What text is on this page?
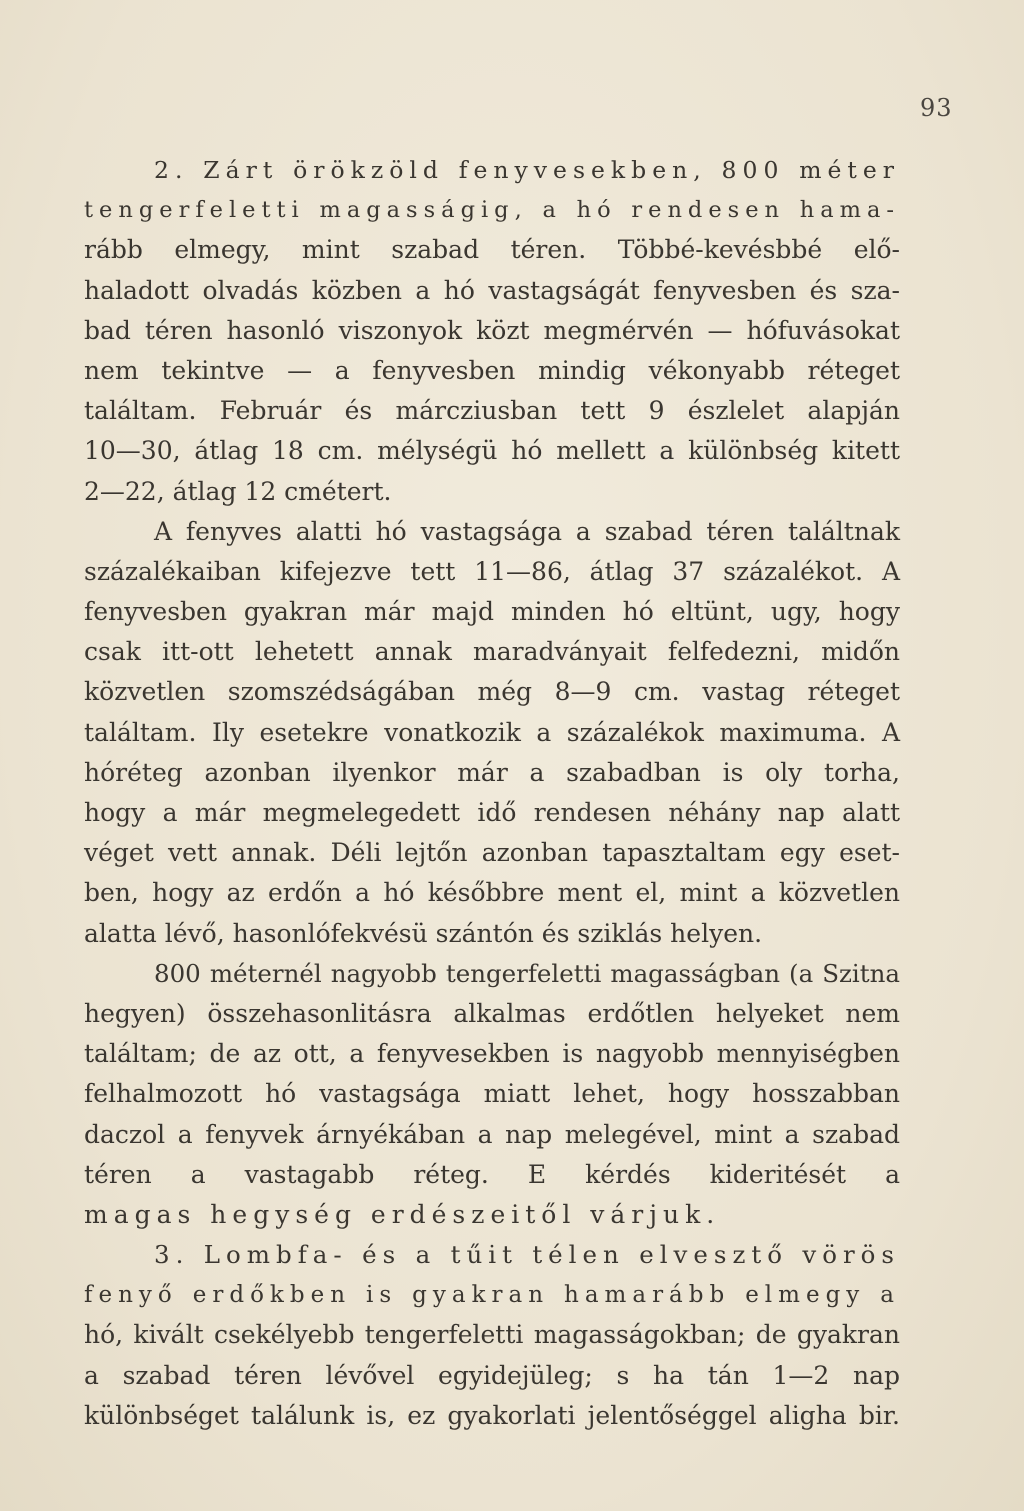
93
2. Zárt örökzöld fenyvesekben, 800 méter
tengerfeletti magasságig, a hó rendesen hama-
rább elmegy, mint szabad téren. Többé-kevésbbé elő-
haladott olvadás közben a hó vastagságát fenyvesben és sza-
bad téren hasonló viszonyok közt megmérvén — hófuvásokat
nem tekintve — a fenyvesben mindig vékonyabb réteget
találtam. Február és márcziusban tett 9 észlelet alapján
10—30, átlag 18 cm. mélységü hó mellett a különbség kitett
2—22, átlag 12 cmétert.
A fenyves alatti hó vastagsága a szabad téren találtnak
százalékaiban kifejezve tett 11—86, átlag 37 százalékot. A
fenyvesben gyakran már majd minden hó eltünt, ugy, hogy
csak itt-ott lehetett annak maradványait felfedezni, midőn
közvetlen szomszédságában még 8—9 cm. vastag réteget
találtam. Ily esetekre vonatkozik a százalékok maximuma. A
hóréteg azonban ilyenkor már a szabadban is oly torha,
hogy a már megmelegedett idő rendesen néhány nap alatt
véget vett annak. Déli lejtőn azonban tapasztaltam egy eset-
ben, hogy az erdőn a hó későbbre ment el, mint a közvetlen
alatta lévő, hasonlófekvésü szántón és sziklás helyen.
800 méternél nagyobb tengerfeletti magasságban (a Szitna
hegyen) összehasonlitásra alkalmas erdőtlen helyeket nem
találtam; de az ott, a fenyvesekben is nagyobb mennyiségben
felhalmozott hó vastagsága miatt lehet, hogy hosszabban
daczol a fenyvek árnyékában a nap melegével, mint a szabad
téren a vastagabb réteg. E kérdés kideritését a
magas hegység erdészeitől várjuk.
3. Lombfa- és a tűit télen elvesztő vörös
fenyő erdőkben is gyakran hamarább elmegy a
hó, kivált csekélyebb tengerfeletti magasságokban; de gyakran
a szabad téren lévővel egyidejüleg; s ha tán 1—2 nap
különbséget találunk is, ez gyakorlati jelentőséggel aligha bir.
